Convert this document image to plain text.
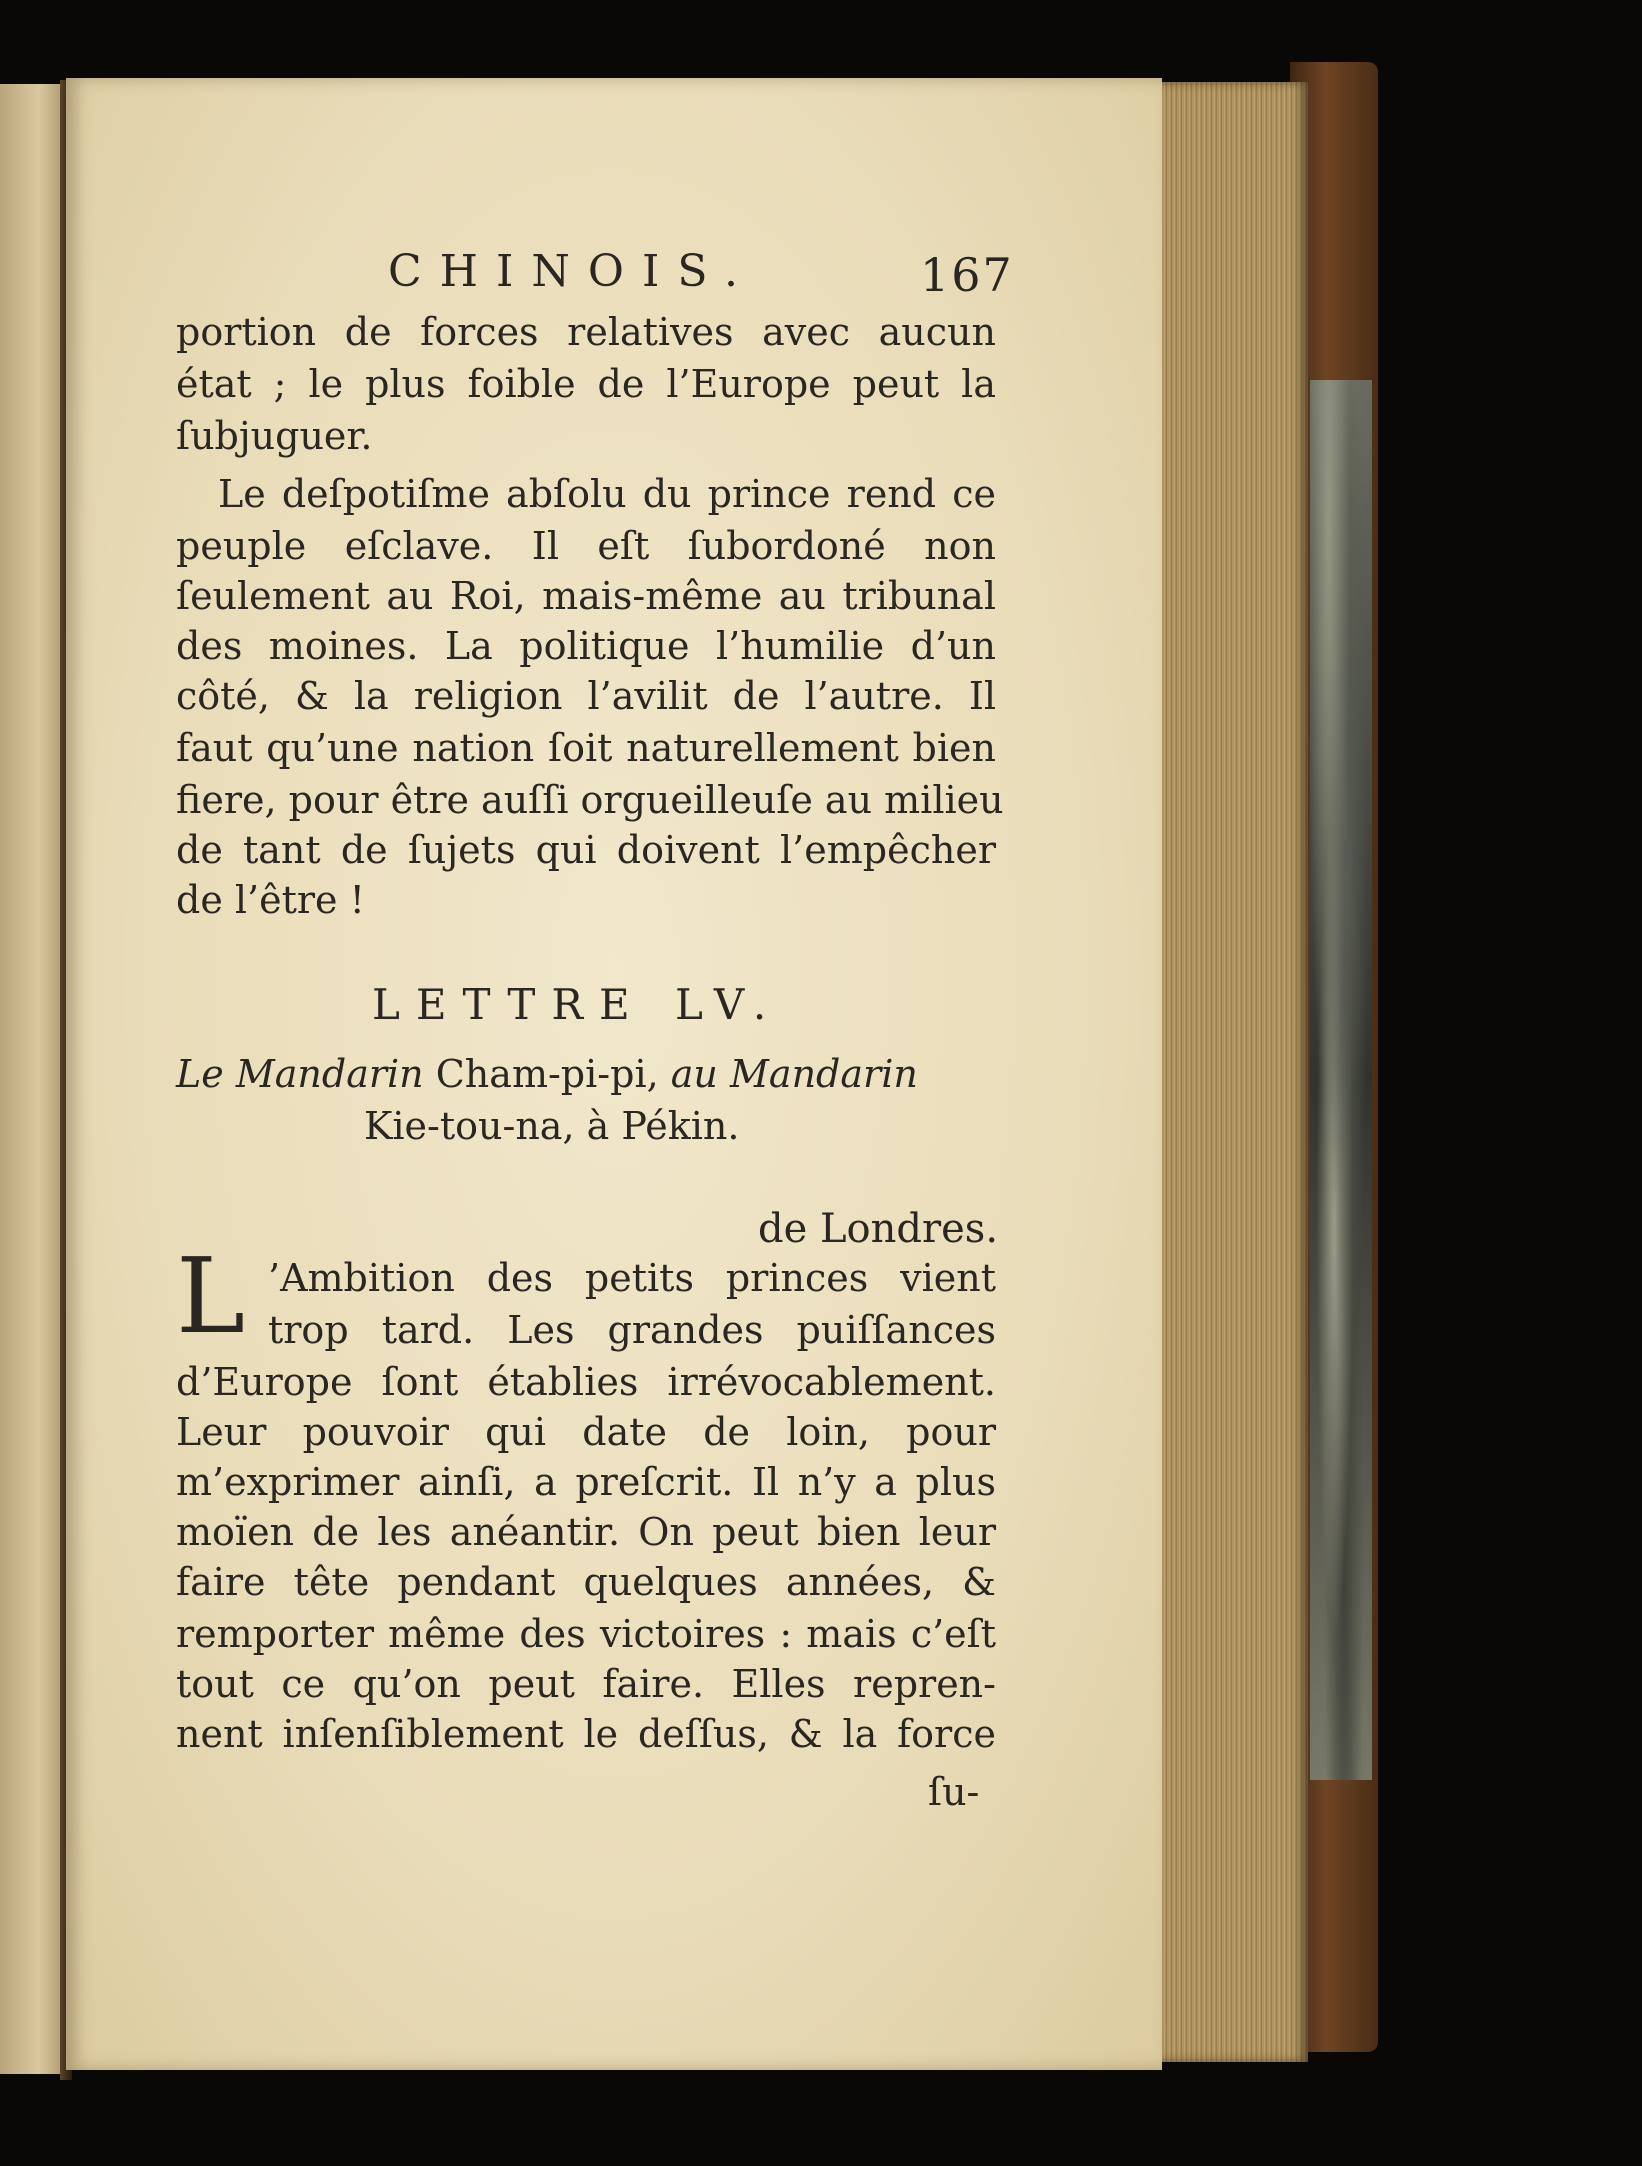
CHINOIS.	167
portion de forces relatives avec aucun
état ; le plus foible de l’Europe peut la
ſubjuguer.
Le deſpotiſme abſolu du prince rend ce
peuple eſclave. Il eſt ſubordoné non
ſeulement au Roi, mais-même au tribunal
des moines. La politique l’humilie d’un
côté, & la religion l’avilit de l’autre. Il
faut qu’une nation ſoit naturellement bien
fiere, pour être auſſi orgueilleuſe au milieu
de tant de ſujets qui doivent l’empêcher
de l’être !
LETTRE LV.
Le Mandarin Cham-pi-pi, au Mandarin
Kie-tou-na, à Pékin.
de Londres.
L ’Ambition des petits princes vient
trop tard. Les grandes puiſſances
d’Europe ſont établies irrévocablement.
Leur pouvoir qui date de loin, pour
m’exprimer ainſi, a preſcrit. Il n’y a plus
moïen de les anéantir. On peut bien leur
faire tête pendant quelques années, &
remporter même des victoires : mais c’eſt
tout ce qu’on peut faire. Elles repren-
nent inſenſiblement le deſſus, & la force
ſu-
